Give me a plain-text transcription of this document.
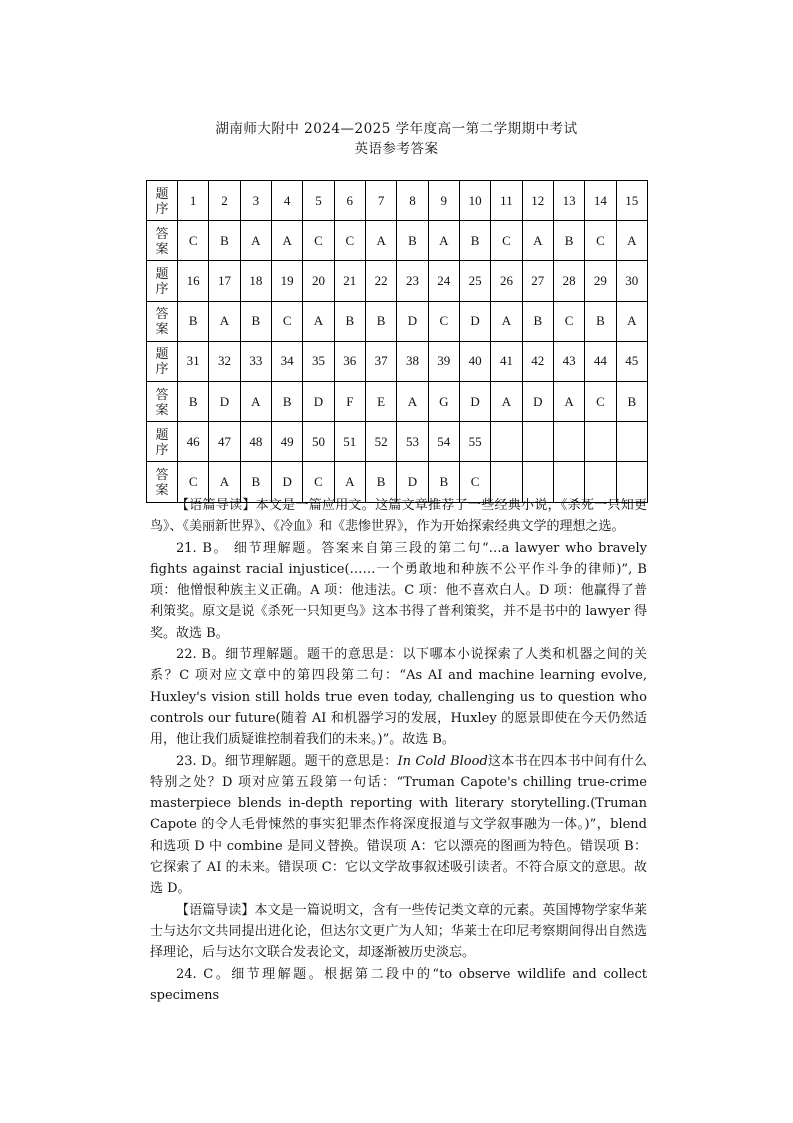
湖南师大附中 2024—2025 学年度高一第二学期期中考试
英语参考答案
题
序	1	2	3	4	5	6	7	8	9	10	11	12	13	14	15

答
案	C	B	A	A	C	C	A	B	A	B	C	A	B	C	A

题
序	16	17	18	19	20	21	22	23	24	25	26	27	28	29	30

答
案	B	A	B	C	A	B	B	D	C	D	A	B	C	B	A

题
序	31	32	33	34	35	36	37	38	39	40	41	42	43	44	45

答
案	B	D	A	B	D	F	E	A	G	D	A	D	A	C	B

题
序	46	47	48	49	50	51	52	53	54	55					

答
案	C	A	B	D	C	A	B	D	B	C					

【语篇导读】本文是一篇应用文。这篇文章推荐了一些经典小说，《杀死一只知更鸟》、《美丽新世界》、《冷血》和《悲惨世界》，作为开始探索经典文学的理想之选。

21. B。 细节理解题。答案来自第三段的第二句“…a lawyer who bravely fights against racial injustice(……一个勇敢地和种族不公平作斗争的律师)”, B 项：他憎恨种族主义正确。A 项：他违法。C 项：他不喜欢白人。D 项：他赢得了普利策奖。原文是说《杀死一只知更鸟》这本书得了普利策奖，并不是书中的 lawyer 得奖。故选 B。

22. B。细节理解题。题干的意思是：以下哪本小说探索了人类和机器之间的关系？C 项对应文章中的第四段第二句：“As AI and machine learning evolve, Huxley's vision still holds true even today, challenging us to question who controls our future(随着 AI 和机器学习的发展，Huxley 的愿景即使在今天仍然适用，他让我们质疑谁控制着我们的未来。)”。故选 B。

23. D。细节理解题。题干的意思是：In Cold Blood这本书在四本书中间有什么特别之处？D 项对应第五段第一句话：“Truman Capote's chilling true-crime masterpiece blends in-depth reporting with literary storytelling.(Truman Capote 的令人毛骨悚然的事实犯罪杰作将深度报道与文学叙事融为一体。)”，blend 和选项 D 中 combine 是同义替换。错误项 A：它以漂亮的图画为特色。错误项 B：它探索了 AI 的未来。错误项 C：它以文学故事叙述吸引读者。不符合原文的意思。故选 D。

【语篇导读】本文是一篇说明文，含有一些传记类文章的元素。英国博物学家华莱士与达尔文共同提出进化论，但达尔文更广为人知；华莱士在印尼考察期间得出自然选择理论，后与达尔文联合发表论文，却逐渐被历史淡忘。

24. C。细节理解题。根据第二段中的“to observe wildlife and collect specimens
